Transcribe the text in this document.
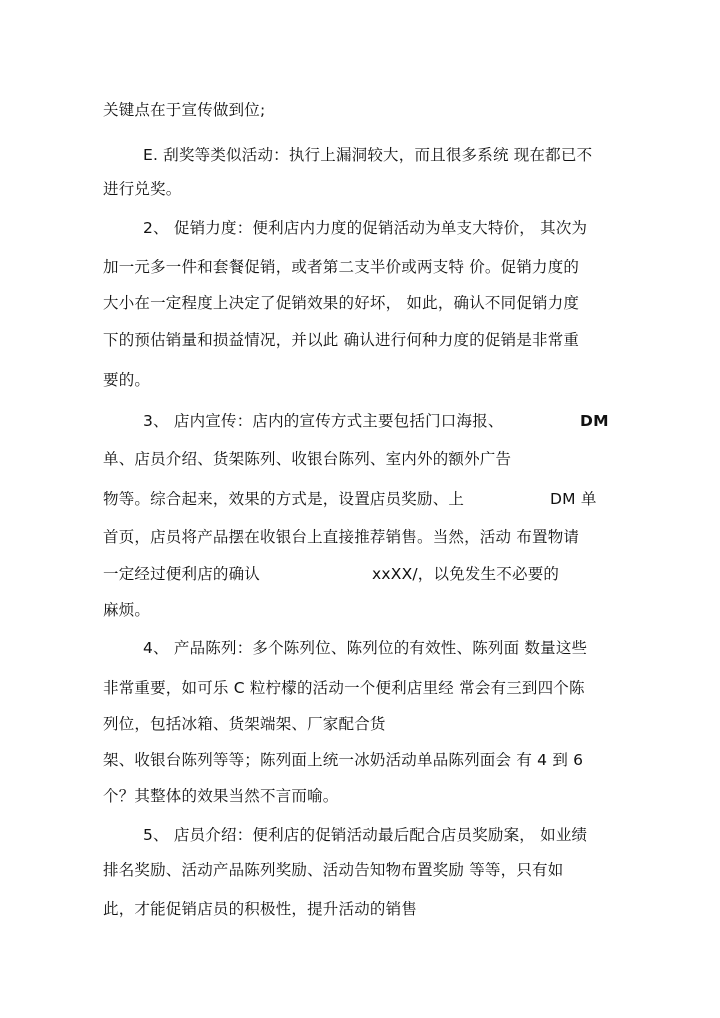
关键点在于宣传做到位;
E. 刮奖等类似活动：执行上漏洞较大，而且很多系统 现在都已不
进行兑奖。
2、 促销力度：便利店内力度的促销活动为单支大特价， 其次为
加一元多一件和套餐促销，或者第二支半价或两支特 价。促销力度的
大小在一定程度上决定了促销效果的好坏， 如此，确认不同促销力度
下的预估销量和损益情况，并以此 确认进行何种力度的促销是非常重
要的。
3、 店内宣传：店内的宣传方式主要包括门口海报、	DM
单、店员介绍、货架陈列、收银台陈列、室内外的额外广告
物等。综合起来，效果的方式是，设置店员奖励、上	DM 单
首页，店员将产品摆在收银台上直接推荐销售。当然，活动 布置物请
一定经过便利店的确认	xxXX/，以免发生不必要的
麻烦。
4、 产品陈列：多个陈列位、陈列位的有效性、陈列面 数量这些
非常重要，如可乐 C 粒柠檬的活动一个便利店里经 常会有三到四个陈
列位，包括冰箱、货架端架、厂家配合货
架、收银台陈列等等；陈列面上统一冰奶活动单品陈列面会 有 4 到 6
个？其整体的效果当然不言而喻。
5、 店员介绍：便利店的促销活动最后配合店员奖励案， 如业绩
排名奖励、活动产品陈列奖励、活动告知物布置奖励 等等，只有如
此，才能促销店员的积极性，提升活动的销售
